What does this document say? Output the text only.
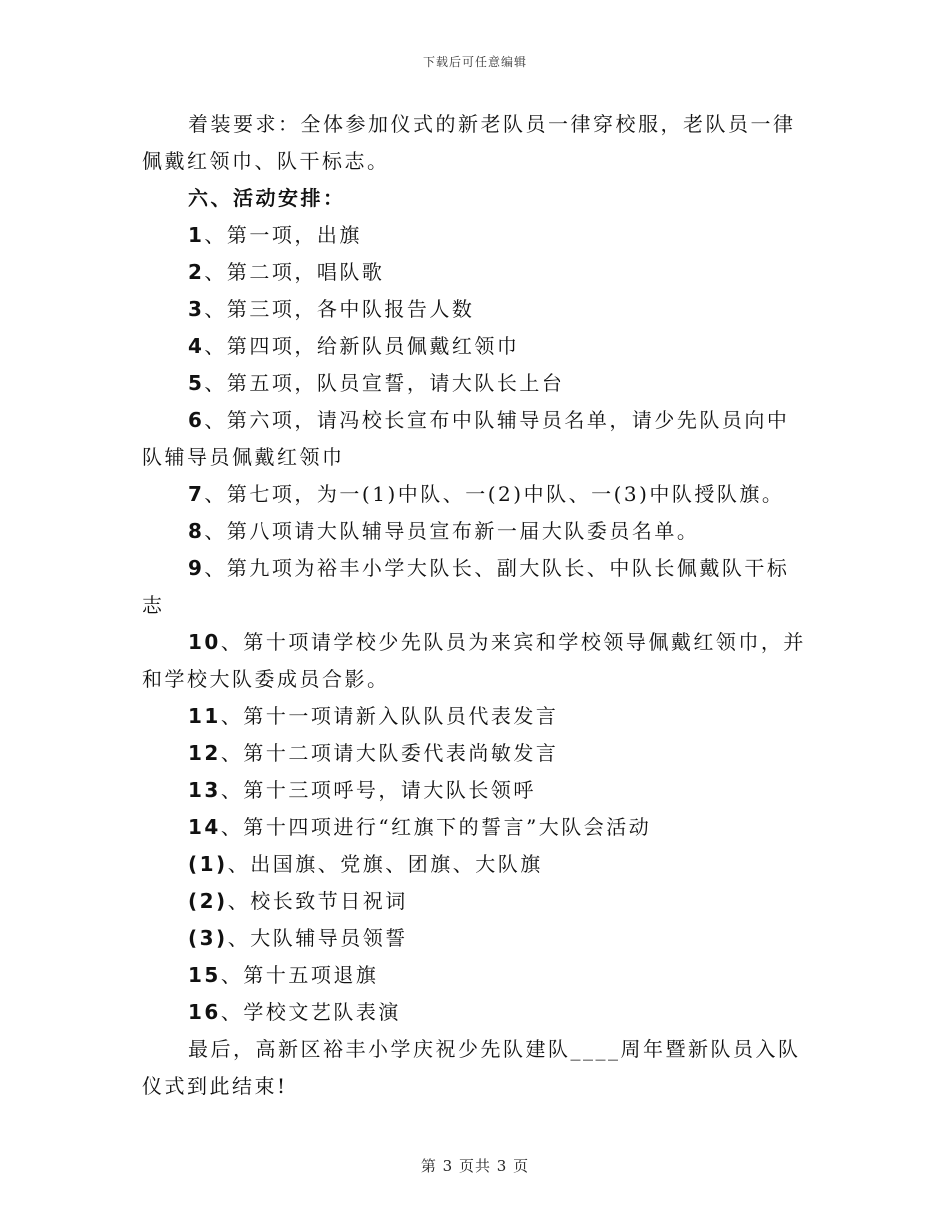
下载后可任意编辑

着装要求：全体参加仪式的新老队员一律穿校服，老队员一律佩戴红领巾、队干标志。

六、活动安排：

1、第一项，出旗

2、第二项，唱队歌

3、第三项，各中队报告人数

4、第四项，给新队员佩戴红领巾

5、第五项，队员宣誓，请大队长上台

6、第六项，请冯校长宣布中队辅导员名单，请少先队员向中队辅导员佩戴红领巾

7、第七项，为一(1)中队、一(2)中队、一(3)中队授队旗。

8、第八项请大队辅导员宣布新一届大队委员名单。

9、第九项为裕丰小学大队长、副大队长、中队长佩戴队干标志

10、第十项请学校少先队员为来宾和学校领导佩戴红领巾，并和学校大队委成员合影。

11、第十一项请新入队队员代表发言

12、第十二项请大队委代表尚敏发言

13、第十三项呼号，请大队长领呼

14、第十四项进行“红旗下的誓言”大队会活动

(1)、出国旗、党旗、团旗、大队旗

(2)、校长致节日祝词

(3)、大队辅导员领誓

15、第十五项退旗

16、学校文艺队表演

最后，高新区裕丰小学庆祝少先队建队____周年暨新队员入队仪式到此结束!

第 3 页共 3 页
